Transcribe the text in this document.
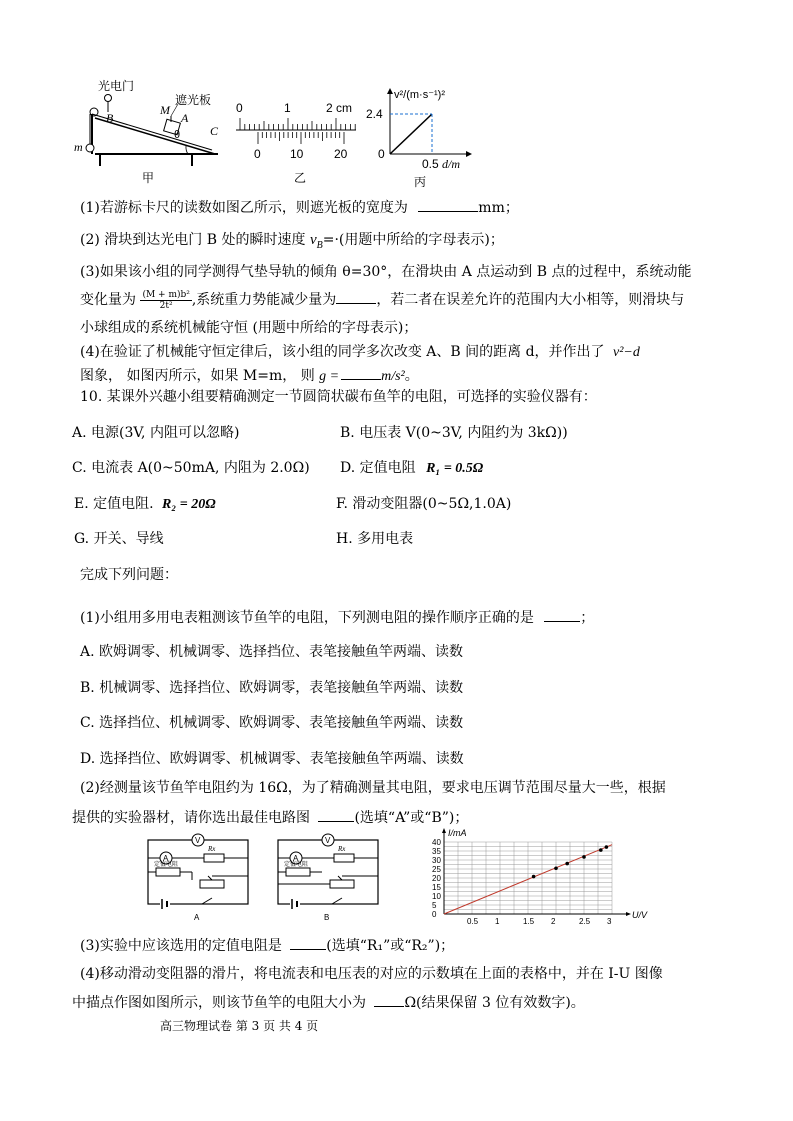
光电门
遮光板
B
M
A
θ C
m
甲
0	1	2 cm
0 10	20
乙
v²/(m·s⁻¹)²
2.4
0
0.5 d/m
丙
(1)若游标卡尺的读数如图乙所示，则遮光板的宽度为	mm；
(2) 滑块到达光电门 B 处的瞬时速度 $v_B=\cdot$(用题中所给的字母表示)；
(3)如果该小组的同学测得气垫导轨的倾角 θ=30°，在滑块由 A 点运动到 B 点的过程中，系统动能
变化量为 $\frac{\text{(M + m)b²}}{\text{2t²}}$ ,系统重力势能减少量为	，若二者在误差允许的范围内大小相等，则滑块与
小球组成的系统机械能守恒 (用题中所给的字母表示)；
(4)在验证了机械能守恒定律后，该小组的同学多次改变 A、B 间的距离 d，并作出了 v²−d
图象， 如图丙所示，如果 M=m， 则 g =	m/s²。
10. 某课外兴趣小组要精确测定一节圆筒状碳布鱼竿的电阻，可选择的实验仪器有：
A. 电源(3V, 内阻可以忽略)	B. 电压表 V(0~3V, 内阻约为 3kΩ))
C. 电流表 A(0~50mA, 内阻为 2.0Ω) D. 定值电阻 R₁ = 0.5Ω
E. 定值电阻. R₂ = 20Ω	F. 滑动变阻器(0~5Ω,1.0A)
G. 开关、导线	H. 多用电表
完成下列问题：
(1)小组用多用电表粗测该节鱼竿的电阻，下列测电阻的操作顺序正确的是	；
A. 欧姆调零、机械调零、选择挡位、表笔接触鱼竿两端、读数
B. 机械调零、选择挡位、欧姆调零，表笔接触鱼竿两端、读数
C. 选择挡位、机械调零、欧姆调零、表笔接触鱼竿两端、读数
D. 选择挡位、欧姆调零、机械调零、表笔接触鱼竿两端、读数
(2)经测量该节鱼竿电阻约为 16Ω，为了精确测量其电阻，要求电压调节范围尽量大一些，根据
提供的实验器材，请你选出最佳电路图	(选填“A”或“B”)；
V
A
Rx
定值电阻
A
V
A
Rx
定值电阻
B	0.5 1	1.5 2	2.5 3
0
5
10
15
20
25
30
35
40
U/V
I/mA
(3)实验中应该选用的定值电阻是	(选填“R₁”或“R₂”)；
(4)移动滑动变阻器的滑片，将电流表和电压表的对应的示数填在上面的表格中，并在 I-U 图像
中描点作图如图所示，则该节鱼竿的电阻大小为	Ω(结果保留 3 位有效数字)。
高三物理试卷 第 3 页 共 4 页
